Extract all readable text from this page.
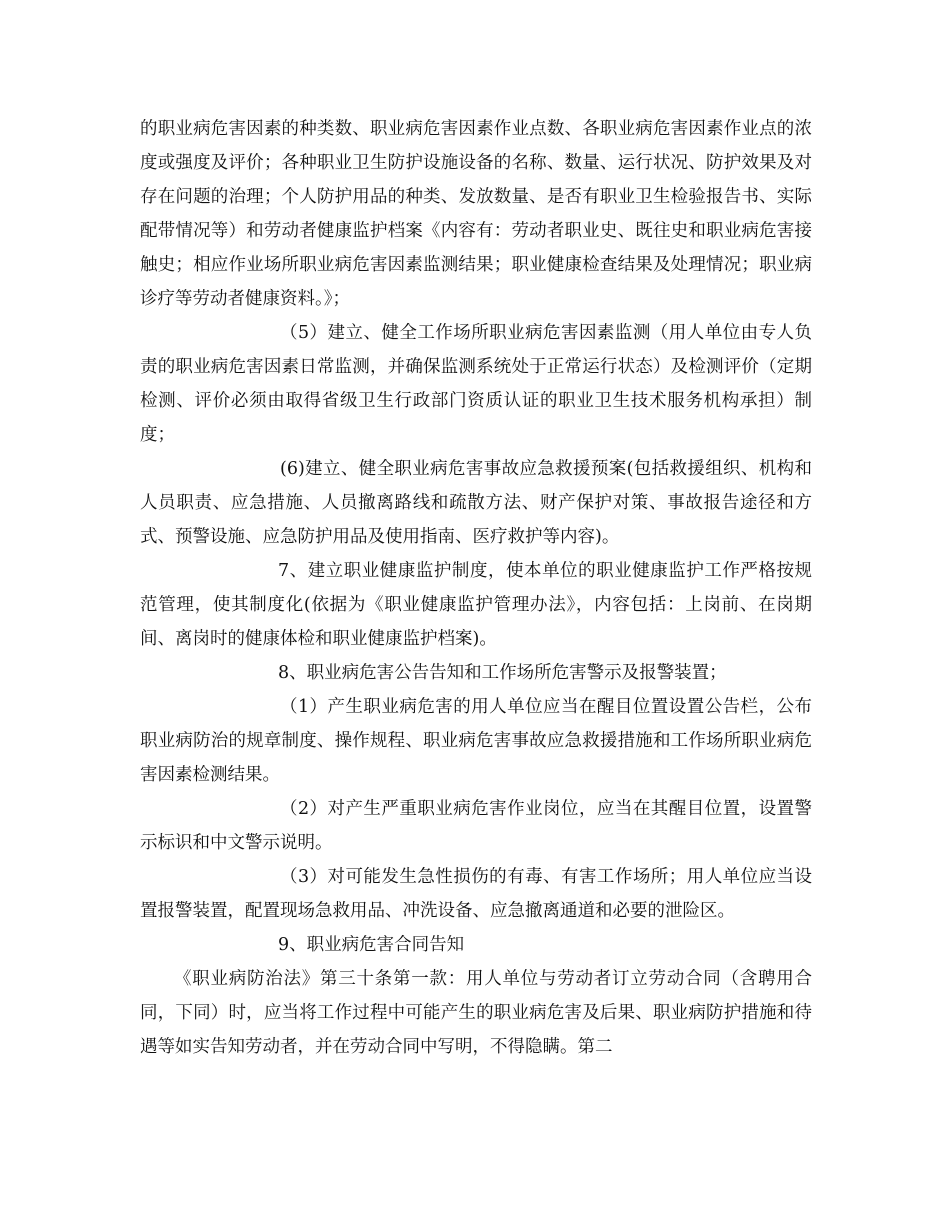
的职业病危害因素的种类数、职业病危害因素作业点数、各职业病危害因素作业点的浓度或强度及评价；各种职业卫生防护设施设备的名称、数量、运行状况、防护效果及对存在问题的治理；个人防护用品的种类、发放数量、是否有职业卫生检验报告书、实际配带情况等）和劳动者健康监护档案《内容有：劳动者职业史、既往史和职业病危害接触史；相应作业场所职业病危害因素监测结果；职业健康检查结果及处理情况；职业病诊疗等劳动者健康资料。》；

（5）建立、健全工作场所职业病危害因素监测（用人单位由专人负责的职业病危害因素日常监测，并确保监测系统处于正常运行状态）及检测评价（定期检测、评价必须由取得省级卫生行政部门资质认证的职业卫生技术服务机构承担）制度；

(6)建立、健全职业病危害事故应急救援预案(包括救援组织、机构和人员职责、应急措施、人员撤离路线和疏散方法、财产保护对策、事故报告途径和方式、预警设施、应急防护用品及使用指南、医疗救护等内容)。

7、建立职业健康监护制度，使本单位的职业健康监护工作严格按规范管理，使其制度化(依据为《职业健康监护管理办法》，内容包括：上岗前、在岗期间、离岗时的健康体检和职业健康监护档案)。

8、职业病危害公告告知和工作场所危害警示及报警装置；

（1）产生职业病危害的用人单位应当在醒目位置设置公告栏，公布职业病防治的规章制度、操作规程、职业病危害事故应急救援措施和工作场所职业病危害因素检测结果。

（2）对产生严重职业病危害作业岗位，应当在其醒目位置，设置警示标识和中文警示说明。

（3）对可能发生急性损伤的有毒、有害工作场所；用人单位应当设置报警装置，配置现场急救用品、冲洗设备、应急撤离通道和必要的泄险区。

9、职业病危害合同告知

《职业病防治法》第三十条第一款：用人单位与劳动者订立劳动合同（含聘用合同，下同）时，应当将工作过程中可能产生的职业病危害及后果、职业病防护措施和待遇等如实告知劳动者，并在劳动合同中写明，不得隐瞒。第二
